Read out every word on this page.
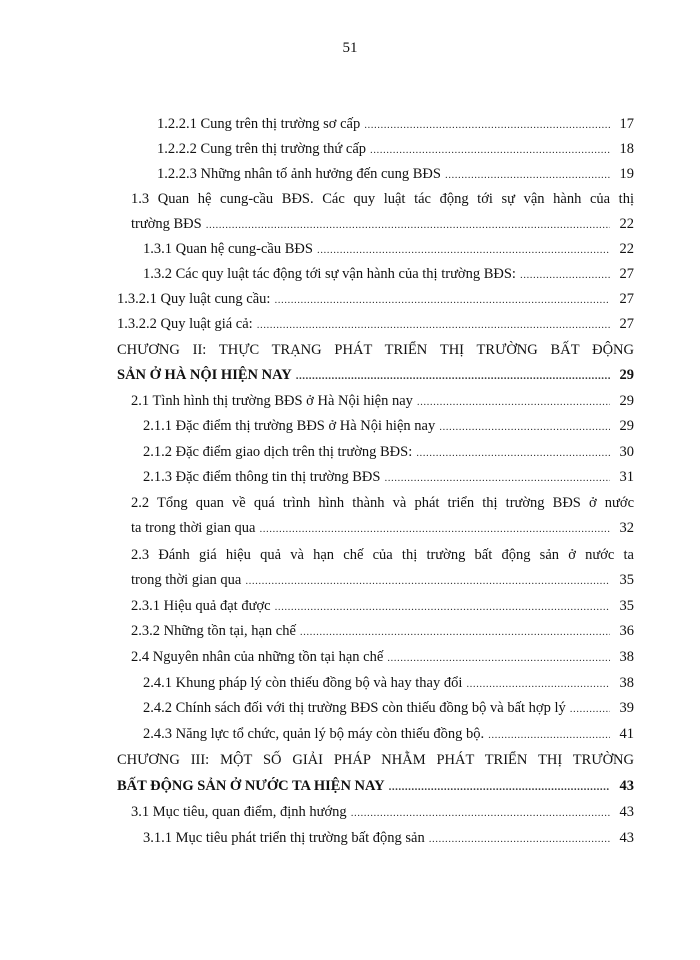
51
1.2.2.1 Cung trên thị trường sơ cấp .....	17
1.2.2.2 Cung trên thị trường thứ cấp .....	18
1.2.2.3 Những nhân tố ảnh hưởng đến cung BĐS .....	19
1.3 Quan hệ cung-cầu BĐS. Các quy luật tác động tới sự vận hành của thị
trường BĐS .....	22
1.3.1 Quan hệ cung-cầu BĐS .....	22
1.3.2 Các quy luật tác động tới sự vận hành của thị trường BĐS: .....	27
1.3.2.1 Quy luật cung cầu: .....	27
1.3.2.2 Quy luật giá cả: .....	27
CHƯƠNG II: THỰC TRẠNG PHÁT TRIỂN THỊ TRƯỜNG BẤT ĐỘNG
SẢN Ở HÀ NỘI HIỆN NAY .....	29
2.1 Tình hình thị trường BĐS ở Hà Nội hiện nay .....	29
2.1.1 Đặc điểm thị trường BĐS ở Hà Nội hiện nay .....	29
2.1.2 Đặc điểm giao dịch trên thị trường BĐS: .....	30
2.1.3 Đặc điểm thông tin thị trường BĐS .....	31
2.2 Tổng quan về quá trình hình thành và phát triển thị trường BĐS ở nước
ta trong thời gian qua .....	32
2.3 Đánh giá hiệu quả và hạn chế của thị trường bất động sản ở nước ta
trong thời gian qua .....	35
2.3.1 Hiệu quả đạt được .....	35
2.3.2 Những tồn tại, hạn chế .....	36
2.4 Nguyên nhân của những tồn tại hạn chế .....	38
2.4.1 Khung pháp lý còn thiếu đồng bộ và hay thay đổi .....	38
2.4.2 Chính sách đối với thị trường BĐS còn thiếu đồng bộ và bất hợp lý .....	39
2.4.3 Năng lực tổ chức, quản lý bộ máy còn thiếu đồng bộ. .....	41
CHƯƠNG III: MỘT SỐ GIẢI PHÁP NHẰM PHÁT TRIỂN THỊ TRƯỜNG
BẤT ĐỘNG SẢN Ở NƯỚC TA HIỆN NAY .....	43
3.1 Mục tiêu, quan điểm, định hướng .....	43
3.1.1 Mục tiêu phát triển thị trường bất động sản .....	43
